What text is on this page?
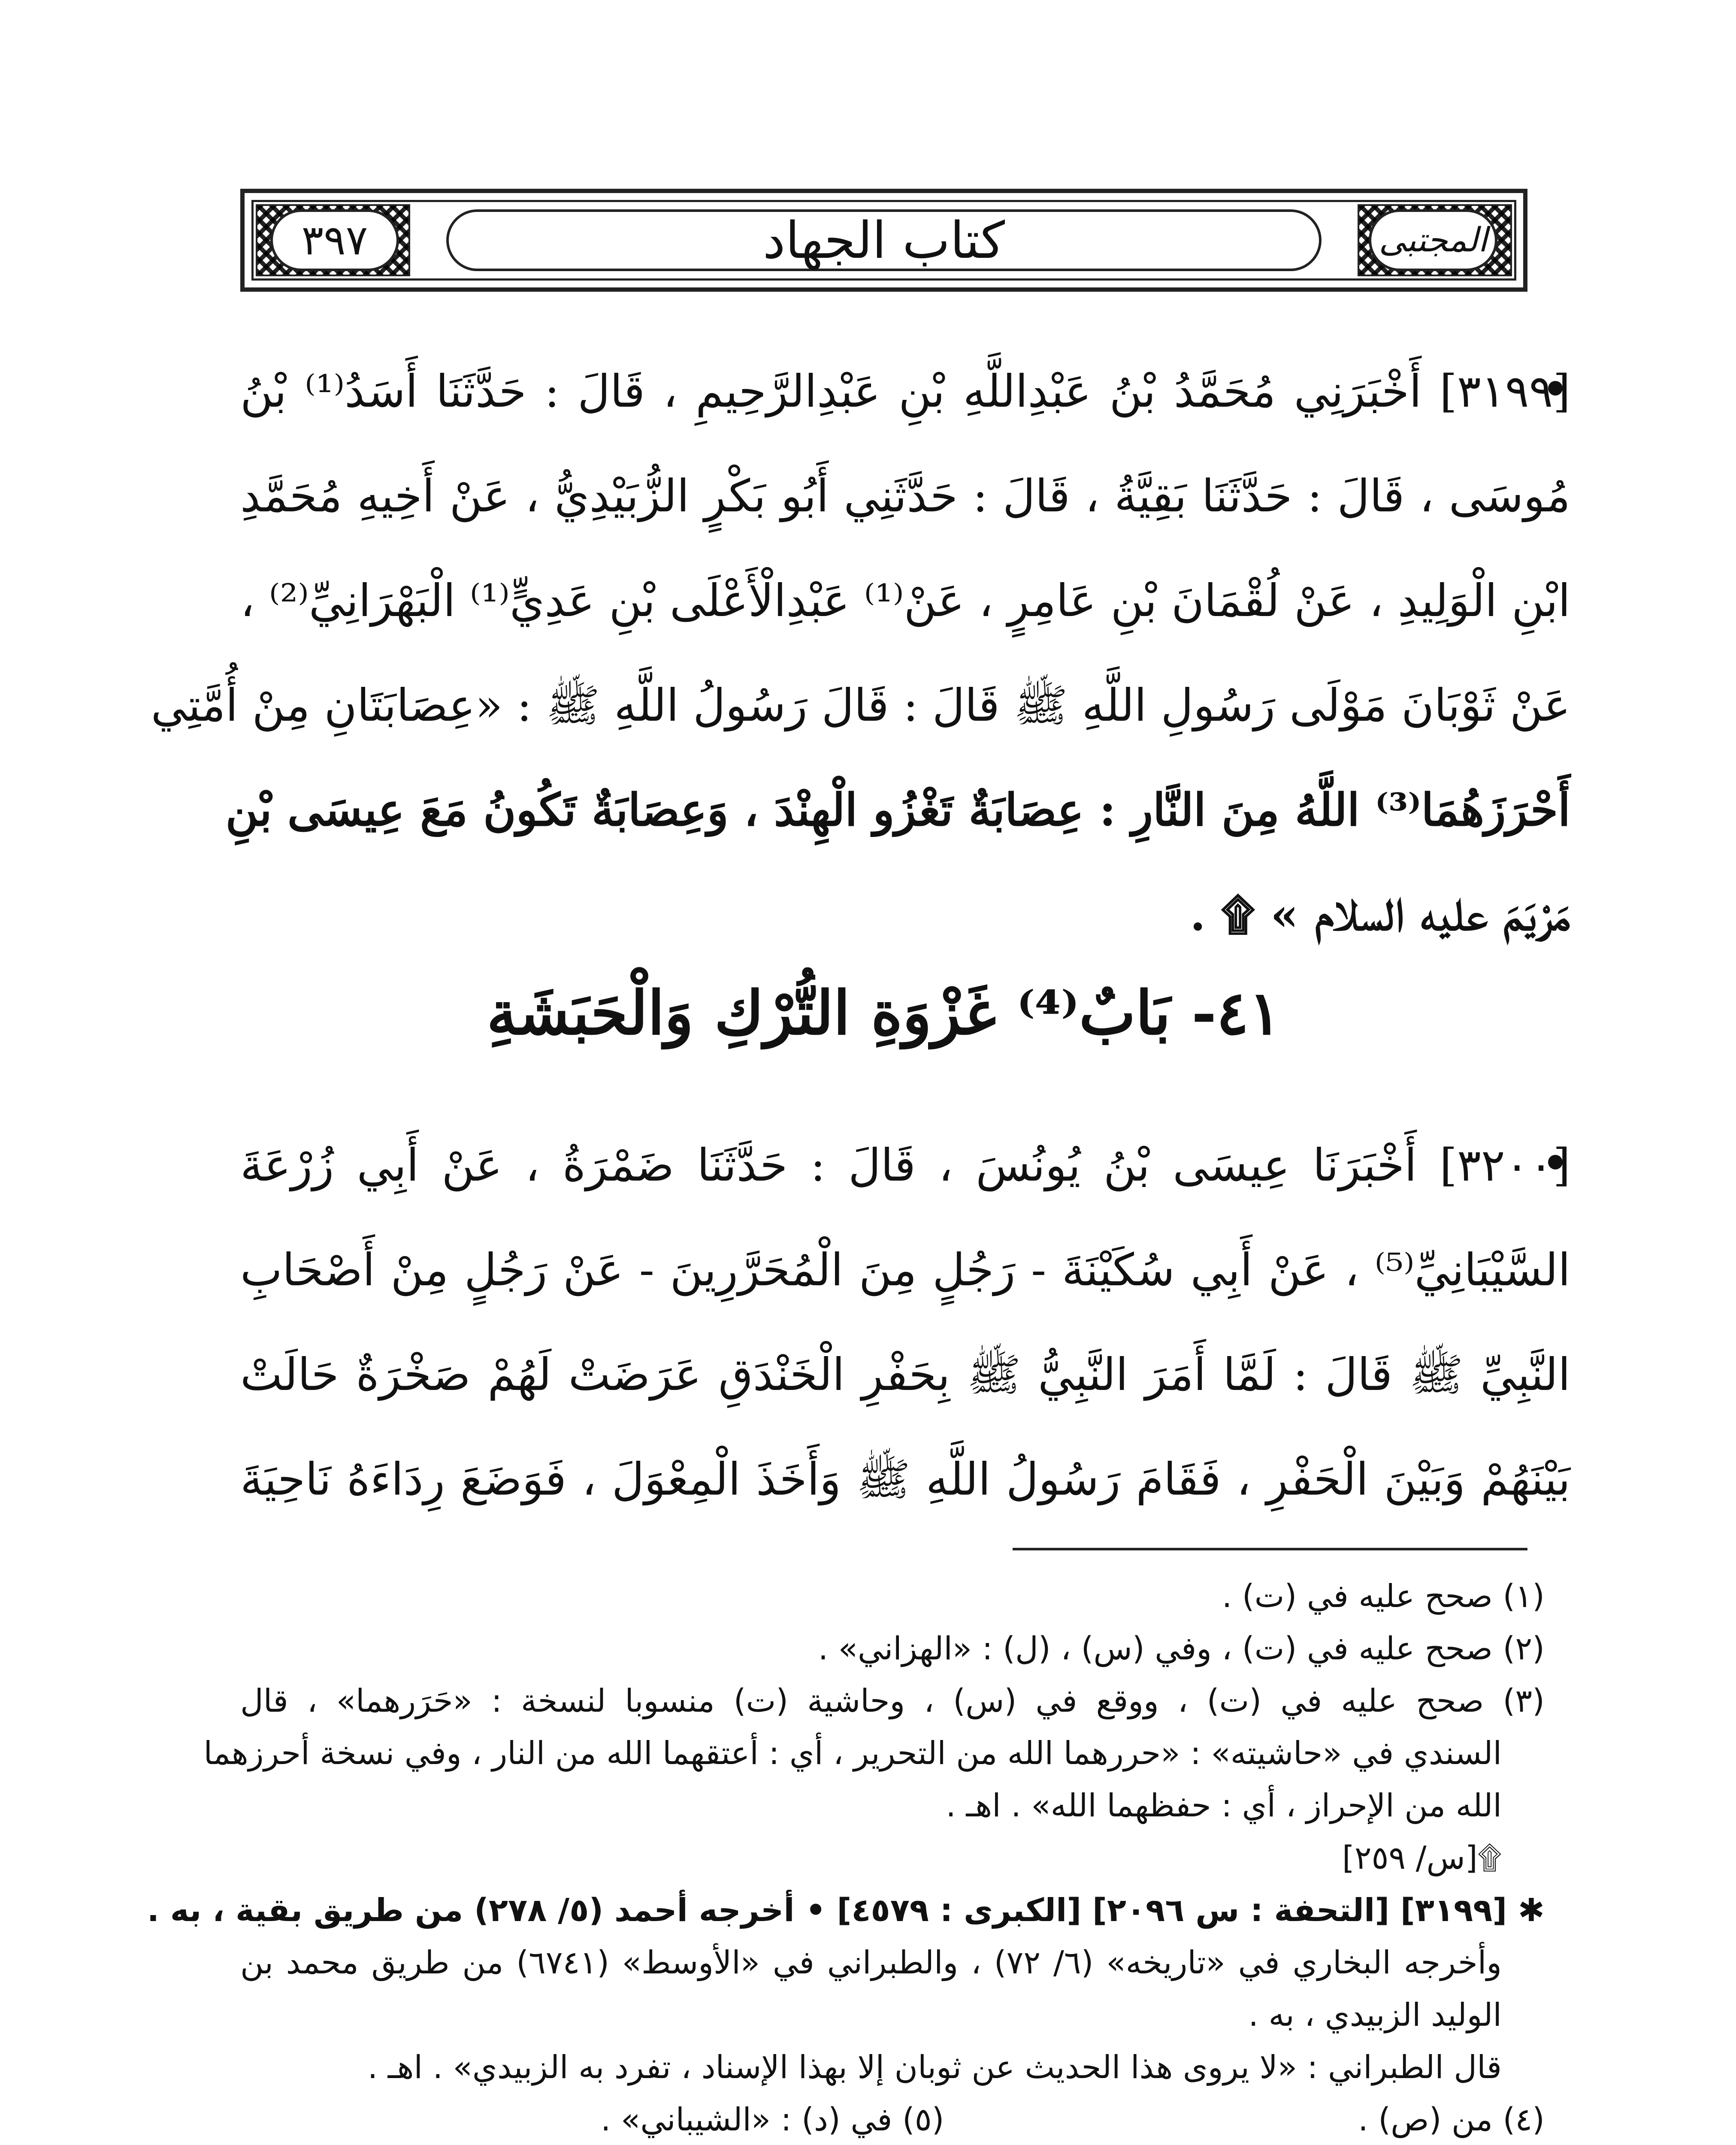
٣٩٧	كتاب الجهاد	المجتبى
[٣١٩٩] أَخْبَرَنِي مُحَمَّدُ بْنُ عَبْدِاللَّهِ بْنِ عَبْدِالرَّحِيمِ ، قَالَ : حَدَّثَنَا أَسَدُ⁽¹⁾ بْنُ
مُوسَى ، قَالَ : حَدَّثَنَا بَقِيَّةُ ، قَالَ : حَدَّثَنِي أَبُو بَكْرٍ الزُّبَيْدِيُّ ، عَنْ أَخِيهِ مُحَمَّدِ
ابْنِ الْوَلِيدِ ، عَنْ لُقْمَانَ بْنِ عَامِرٍ ، عَنْ⁽¹⁾ عَبْدِالْأَعْلَى بْنِ عَدِيٍّ⁽¹⁾ الْبَهْرَانِيِّ⁽²⁾ ،
عَنْ ثَوْبَانَ مَوْلَى رَسُولِ اللَّهِ ﷺ قَالَ : قَالَ رَسُولُ اللَّهِ ﷺ : «عِصَابَتَانِ مِنْ أُمَّتِي
أَحْرَزَهُمَا⁽³⁾ اللَّهُ مِنَ النَّارِ : عِصَابَةٌ تَغْزُو الْهِنْدَ ، وَعِصَابَةٌ تَكُونُ مَعَ عِيسَى بْنِ
مَرْيَمَ عليه السلام » ۩ .
٤١- بَابٌ⁽⁴⁾ غَزْوَةِ التُّرْكِ وَالْحَبَشَةِ
[٣٢٠٠] أَخْبَرَنَا عِيسَى بْنُ يُونُسَ ، قَالَ : حَدَّثَنَا ضَمْرَةُ ، عَنْ أَبِي زُرْعَةَ
السَّيْبَانِيِّ⁽⁵⁾ ، عَنْ أَبِي سُكَيْنَةَ - رَجُلٍ مِنَ الْمُحَرَّرِينَ - عَنْ رَجُلٍ مِنْ أَصْحَابِ
النَّبِيِّ ﷺ قَالَ : لَمَّا أَمَرَ النَّبِيُّ ﷺ بِحَفْرِ الْخَنْدَقِ عَرَضَتْ لَهُمْ صَخْرَةٌ حَالَتْ
بَيْنَهُمْ وَبَيْنَ الْحَفْرِ ، فَقَامَ رَسُولُ اللَّهِ ﷺ وَأَخَذَ الْمِعْوَلَ ، فَوَضَعَ رِدَاءَهُ نَاحِيَةَ
(١) صحح عليه في (ت) .
(٢) صحح عليه في (ت) ، وفي (س) ، (ل) : «الهزاني» .
(٣) صحح عليه في (ت) ، ووقع في (س) ، وحاشية (ت) منسوبا لنسخة : «حَرَرهما» ، قال
السندي في «حاشيته» : «حررهما الله من التحرير ، أي : أعتقهما الله من النار ، وفي نسخة أحرزهما
الله من الإحراز ، أي : حفظهما الله» . اهـ .
۩[س/ ٢٥٩]
✱ [٣١٩٩] [التحفة : س ٢٠٩٦] [الكبرى : ٤٥٧٩] • أخرجه أحمد (٥/ ٢٧٨) من طريق بقية ، به .
وأخرجه البخاري في «تاريخه» (٦/ ٧٢) ، والطبراني في «الأوسط» (٦٧٤١) من طريق محمد بن
الوليد الزبيدي ، به .
قال الطبراني : «لا يروى هذا الحديث عن ثوبان إلا بهذا الإسناد ، تفرد به الزبيدي» . اهـ .
(٤) من (ص) .
(٥) في (د) : «الشيباني» .
